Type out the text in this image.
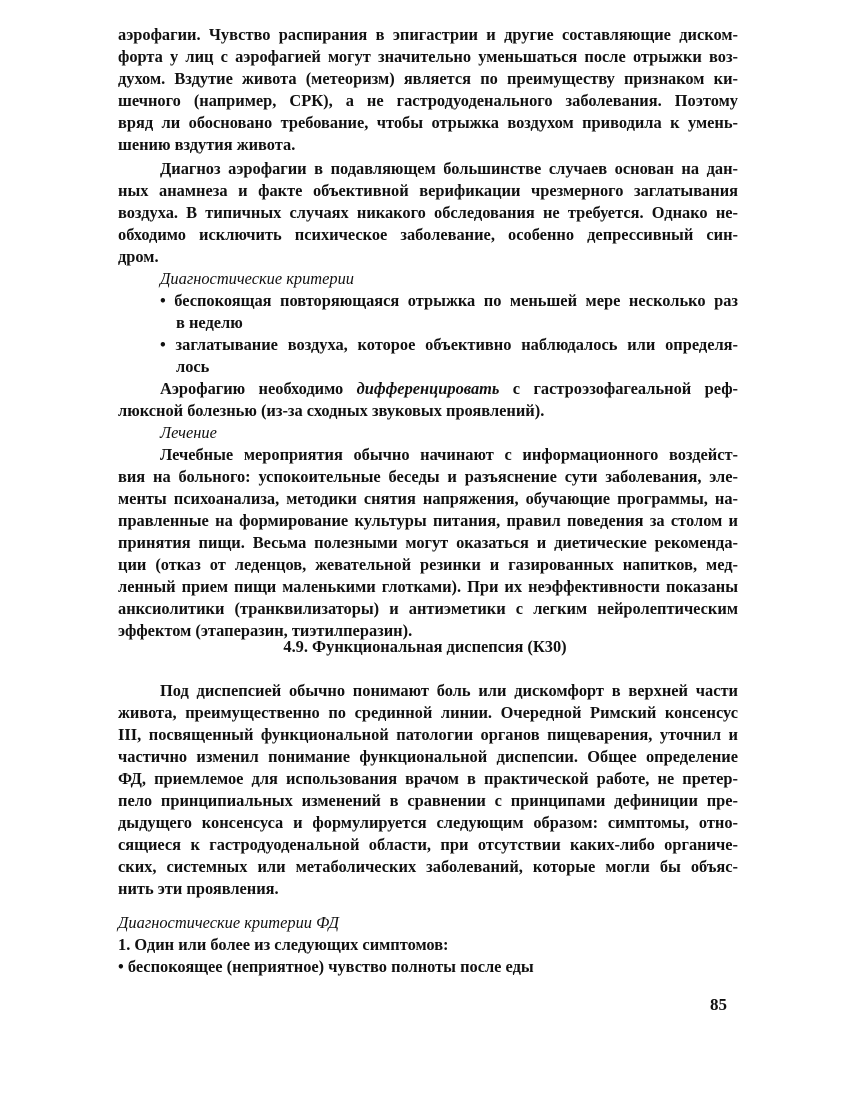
аэрофагии. Чувство распирания в эпигастрии и другие составляющие диском-
форта у лиц с аэрофагией могут значительно уменьшаться после отрыжки воз-
духом. Вздутие живота (метеоризм) является по преимуществу признаком ки-
шечного (например, СРК), а не гастродуоденального заболевания. Поэтому
вряд ли обосновано требование, чтобы отрыжка воздухом приводила к умень-
шению вздутия живота.
Диагноз аэрофагии в подавляющем большинстве случаев основан на дан-
ных анамнеза и факте объективной верификации чрезмерного заглатывания
воздуха. В типичных случаях никакого обследования не требуется. Однако не-
обходимо исключить психическое заболевание, особенно депрессивный син-
дром.
Диагностические критерии
• беспокоящая повторяющаяся отрыжка по меньшей мере несколько раз
в неделю
• заглатывание воздуха, которое объективно наблюдалось или определя-
лось
Аэрофагию необходимо дифференцировать с гастроэзофагеальной реф-
люксной болезнью (из-за сходных звуковых проявлений).
Лечение
Лечебные мероприятия обычно начинают с информационного воздейст-
вия на больного: успокоительные беседы и разъяснение сути заболевания, эле-
менты психоанализа, методики снятия напряжения, обучающие программы, на-
правленные на формирование культуры питания, правил поведения за столом и
принятия пищи. Весьма полезными могут оказаться и диетические рекоменда-
ции (отказ от леденцов, жевательной резинки и газированных напитков, мед-
ленный прием пищи маленькими глотками). При их неэффективности показаны
анксиолитики (транквилизаторы) и антиэметики с легким нейролептическим
эффектом (этаперазин, тиэтилперазин).
4.9. Функциональная диспепсия (К30)
Под диспепсией обычно понимают боль или дискомфорт в верхней части
живота, преимущественно по срединной линии. Очередной Римский консенсус
III, посвященный функциональной патологии органов пищеварения, уточнил и
частично изменил понимание функциональной диспепсии. Общее определение
ФД, приемлемое для использования врачом в практической работе, не претер-
пело принципиальных изменений в сравнении с принципами дефиниции пре-
дыдущего консенсуса и формулируется следующим образом: симптомы, отно-
сящиеся к гастродуоденальной области, при отсутствии каких-либо органиче-
ских, системных или метаболических заболеваний, которые могли бы объяс-
нить эти проявления.
Диагностические критерии ФД
1. Один или более из следующих симптомов:
• беспокоящее (неприятное) чувство полноты после еды
85
